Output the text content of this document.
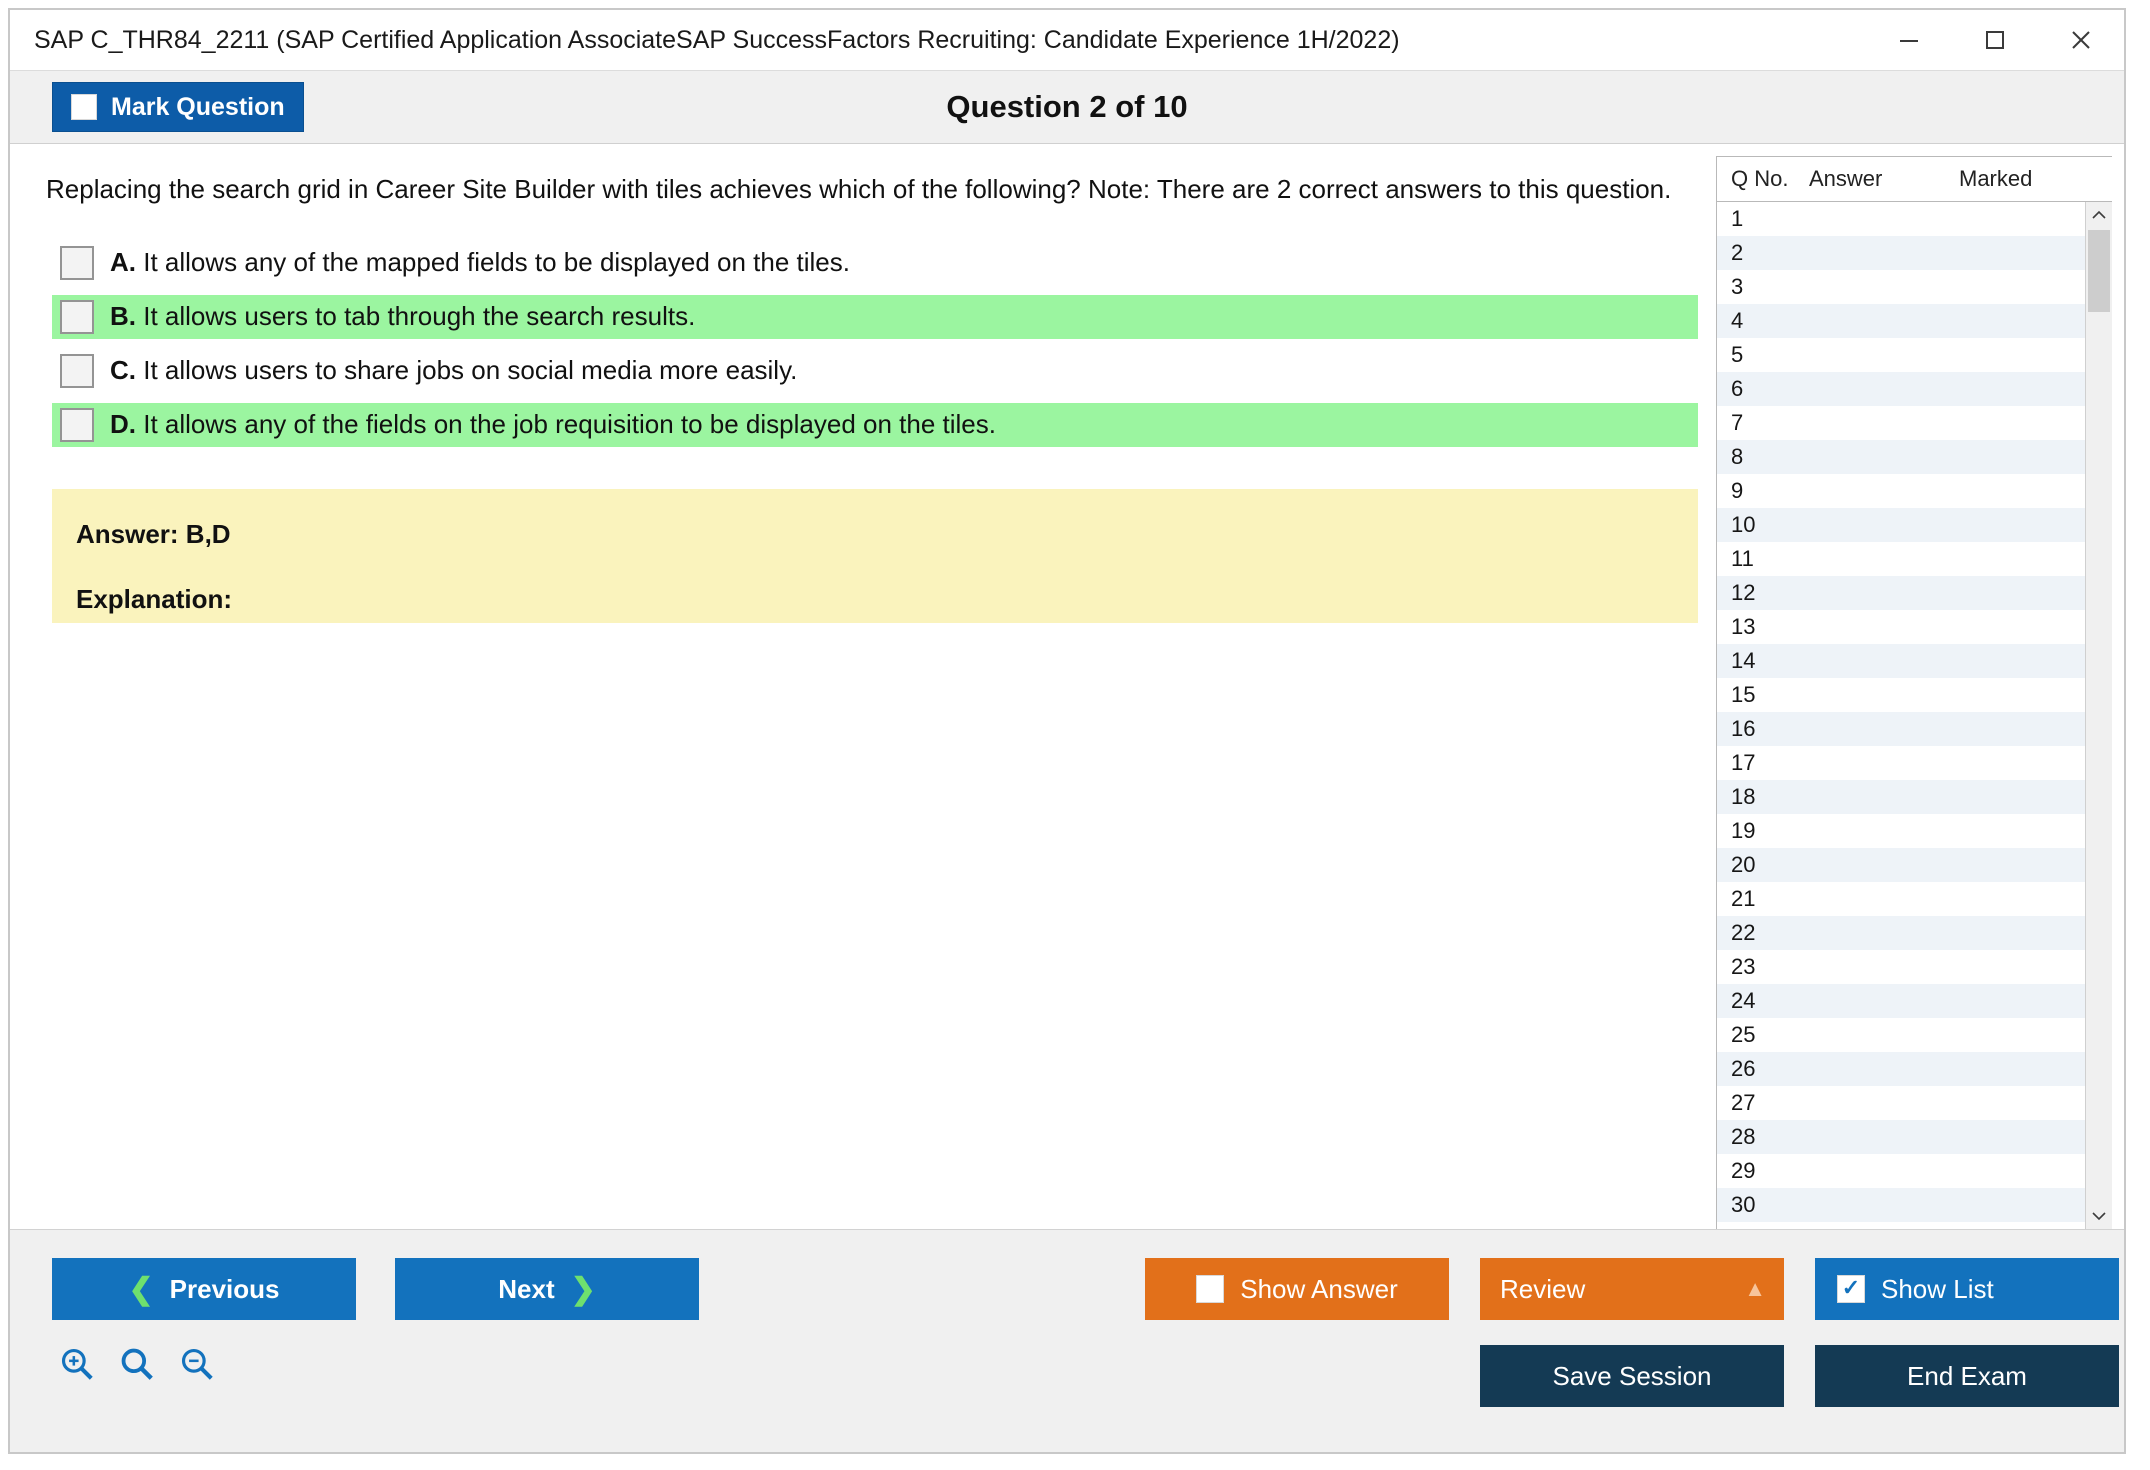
SAP C_THR84_2211 (SAP Certified Application AssociateSAP SuccessFactors Recruiting: Candidate Experience 1H/2022)
Mark Question	Question 2 of 10
Replacing the search grid in Career Site Builder with tiles achieves which of the following? Note: There are 2 correct answers to this question.
A. It allows any of the mapped fields to be displayed on the tiles.
B. It allows users to tab through the search results.
C. It allows users to share jobs on social media more easily.
D. It allows any of the fields on the job requisition to be displayed on the tiles.
Answer: B,D
Explanation:
Q No. Answer	Marked
1
2
3
4
5
6
7
8
9
10
11
12
13
14
15
16
17
18
19
20
21
22
23
24
25
26
27
28
29
30
❮ Previous	Next ❯	Show Answer	Review	▲	✓ Show List
Save Session	End Exam
